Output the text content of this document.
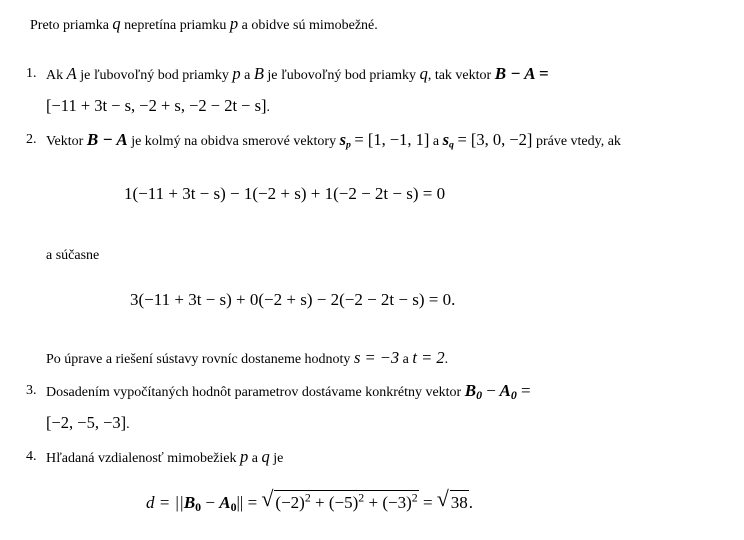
Preto priamka q nepretína priamku p a obidve sú mimobežné.
1. Ak A je ľubovoľný bod priamky p a B je ľubovoľný bod priamky q, tak vektor B − A =
[−11 + 3t − s, −2 + s, −2 − 2t − s].
2. Vektor B − A je kolmý na obidva smerové vektory $s_p = [1$, −1, 1] a $s_q = [3$, 0, −2] práve vtedy, ak
1(−11 + 3t − s) − 1(−2 + s) + 1(−2 − 2t − s) = 0
a súčasne
3(−11 + 3t − s) + 0(−2 + s) − 2(−2 − 2t − s) = 0.
Po úprave a riešení sústavy rovníc dostaneme hodnoty s = −3 a t = 2.
3. Dosadením vypočítaných hodnôt parametrov dostávame konkrétny vektor $B_0 - A_0$ =
[−2, −5, −3].
4. Hľadaná vzdialenosť mimobežiek p a q je
$d = ||B_0 - A_0||$ = √ $(-2)^2 + (-5)^2 + (-3)^2$ = √ 38.
